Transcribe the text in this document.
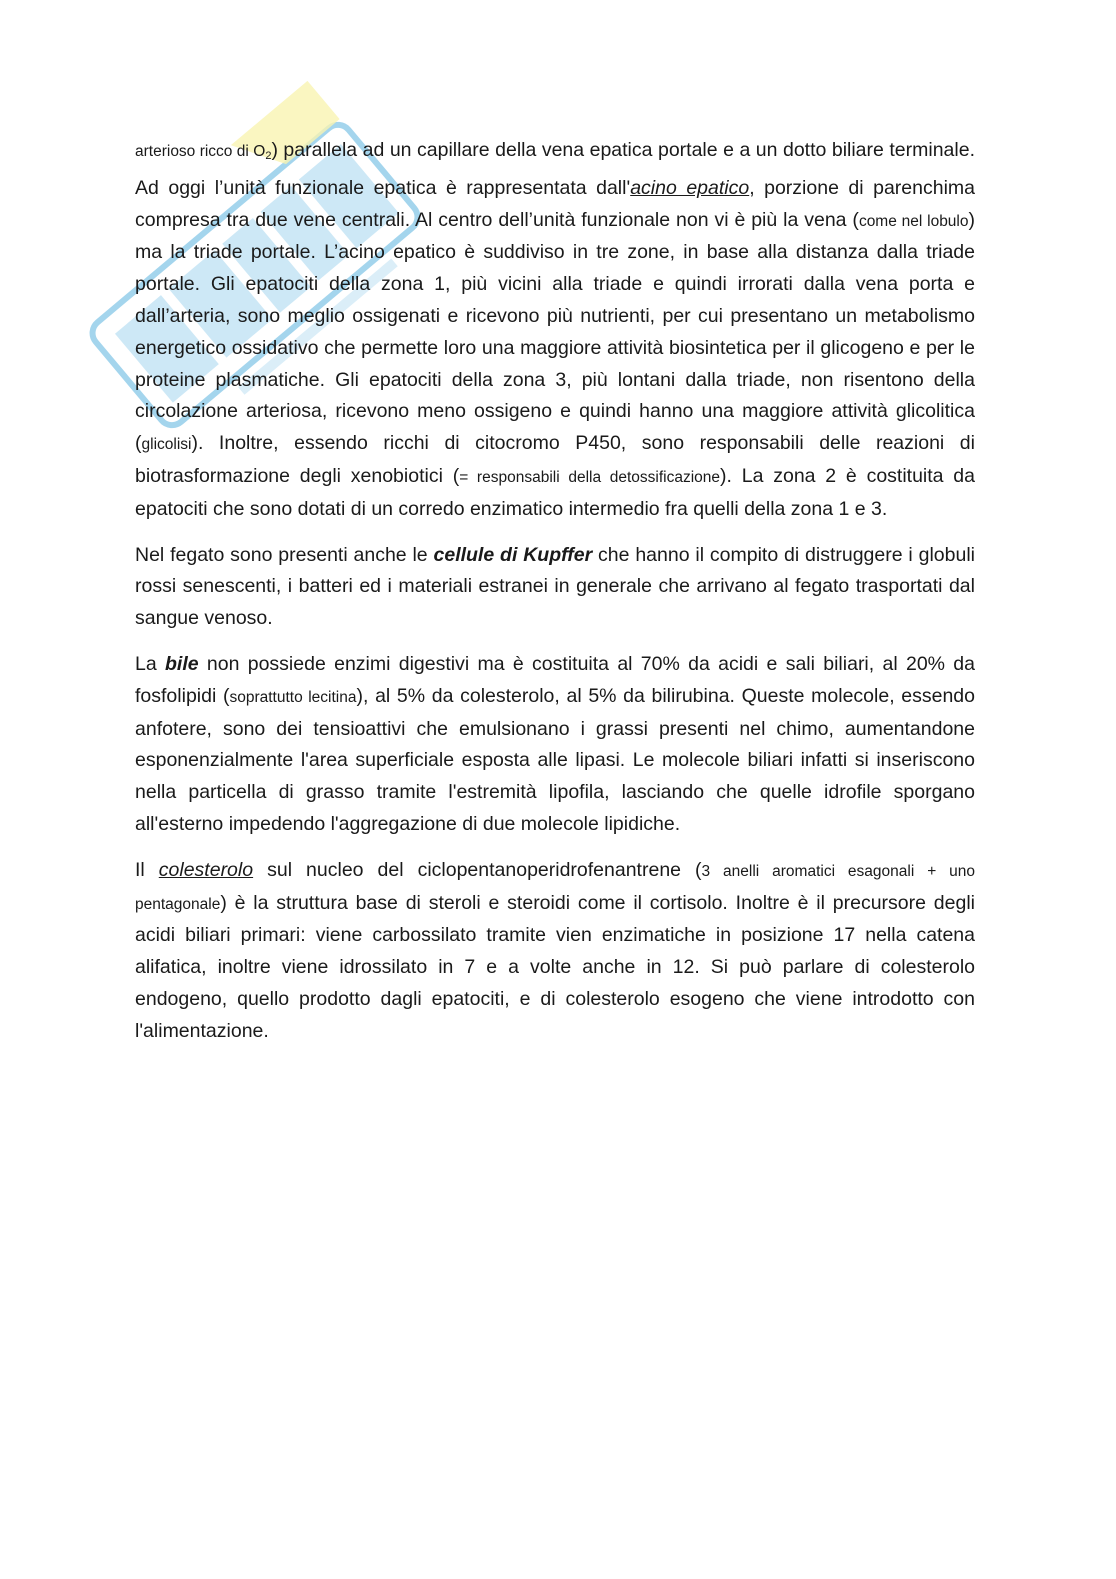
arterioso ricco di $O_2$) parallela ad un capillare della vena epatica portale e a un dotto biliare terminale. Ad oggi l’unità funzionale epatica è rappresentata dall'acino epatico, porzione di parenchima compresa tra due vene centrali. Al centro dell’unità funzionale non vi è più la vena (come nel lobulo) ma la triade portale. L’acino epatico è suddiviso in tre zone, in base alla distanza dalla triade portale. Gli epatociti della zona 1, più vicini alla triade e quindi irrorati dalla vena porta e dall’arteria, sono meglio ossigenati e ricevono più nutrienti, per cui presentano un metabolismo energetico ossidativo che permette loro una maggiore attività biosintetica per il glicogeno e per le proteine plasmatiche. Gli epatociti della zona 3, più lontani dalla triade, non risentono della circolazione arteriosa, ricevono meno ossigeno e quindi hanno una maggiore attività glicolitica (glicolisi). Inoltre, essendo ricchi di citocromo P450, sono responsabili delle reazioni di biotrasformazione degli xenobiotici (= responsabili della detossificazione). La zona 2 è costituita da epatociti che sono dotati di un corredo enzimatico intermedio fra quelli della zona 1 e 3.

Nel fegato sono presenti anche le cellule di Kupffer che hanno il compito di distruggere i globuli rossi senescenti, i batteri ed i materiali estranei in generale che arrivano al fegato trasportati dal sangue venoso.

La bile non possiede enzimi digestivi ma è costituita al 70% da acidi e sali biliari, al 20% da fosfolipidi (soprattutto lecitina), al 5% da colesterolo, al 5% da bilirubina. Queste molecole, essendo anfotere, sono dei tensioattivi che emulsionano i grassi presenti nel chimo, aumentandone esponenzialmente l'area superficiale esposta alle lipasi. Le molecole biliari infatti si inseriscono nella particella di grasso tramite l'estremità lipofila, lasciando che quelle idrofile sporgano all'esterno impedendo l'aggregazione di due molecole lipidiche.

Il colesterolo sul nucleo del ciclopentanoperidrofenantrene (3 anelli aromatici esagonali + uno pentagonale) è la struttura base di steroli e steroidi come il cortisolo. Inoltre è il precursore degli acidi biliari primari: viene carbossilato tramite vien enzimatiche in posizione 17 nella catena alifatica, inoltre viene idrossilato in 7 e a volte anche in 12. Si può parlare di colesterolo endogeno, quello prodotto dagli epatociti, e di colesterolo esogeno che viene introdotto con l'alimentazione.
